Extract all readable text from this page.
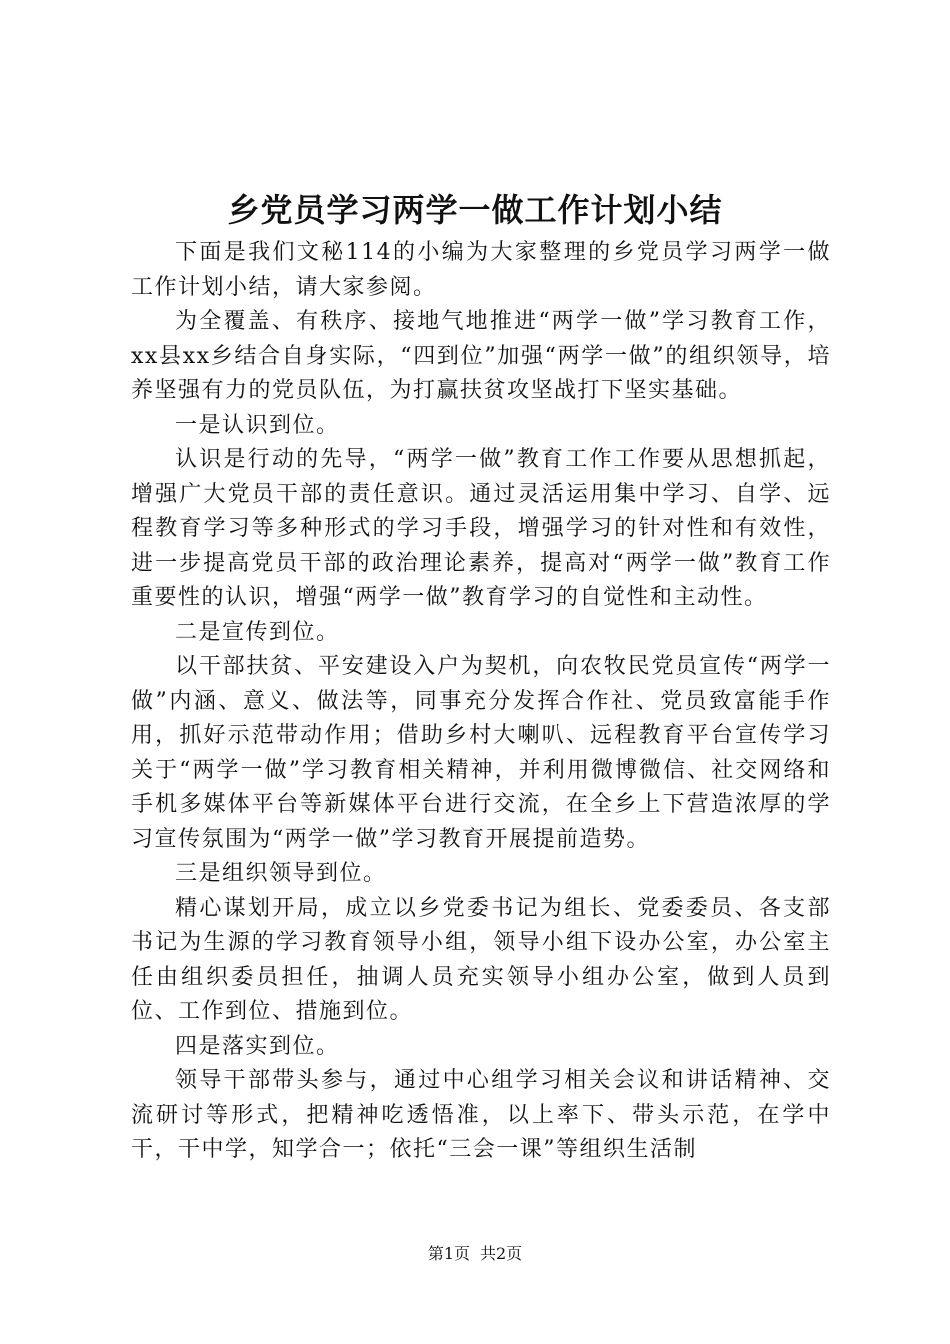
乡党员学习两学一做工作计划小结

下面是我们文秘114的小编为大家整理的乡党员学习两学一做工作计划小结，请大家参阅。

为全覆盖、有秩序、接地气地推进“两学一做”学习教育工作，xx县xx乡结合自身实际，“四到位”加强“两学一做”的组织领导，培养坚强有力的党员队伍，为打赢扶贫攻坚战打下坚实基础。

一是认识到位。

认识是行动的先导，“两学一做”教育工作工作要从思想抓起，增强广大党员干部的责任意识。通过灵活运用集中学习、自学、远程教育学习等多种形式的学习手段，增强学习的针对性和有效性，进一步提高党员干部的政治理论素养，提高对“两学一做”教育工作重要性的认识，增强“两学一做”教育学习的自觉性和主动性。

二是宣传到位。

以干部扶贫、平安建设入户为契机，向农牧民党员宣传“两学一做”内涵、意义、做法等，同事充分发挥合作社、党员致富能手作用，抓好示范带动作用；借助乡村大喇叭、远程教育平台宣传学习关于“两学一做”学习教育相关精神，并利用微博微信、社交网络和手机多媒体平台等新媒体平台进行交流，在全乡上下营造浓厚的学习宣传氛围为“两学一做”学习教育开展提前造势。

三是组织领导到位。

精心谋划开局，成立以乡党委书记为组长、党委委员、各支部书记为生源的学习教育领导小组，领导小组下设办公室，办公室主任由组织委员担任，抽调人员充实领导小组办公室，做到人员到位、工作到位、措施到位。

四是落实到位。

领导干部带头参与，通过中心组学习相关会议和讲话精神、交流研讨等形式，把精神吃透悟准，以上率下、带头示范，在学中干，干中学，知学合一；依托“三会一课”等组织生活制

第1页 共2页
